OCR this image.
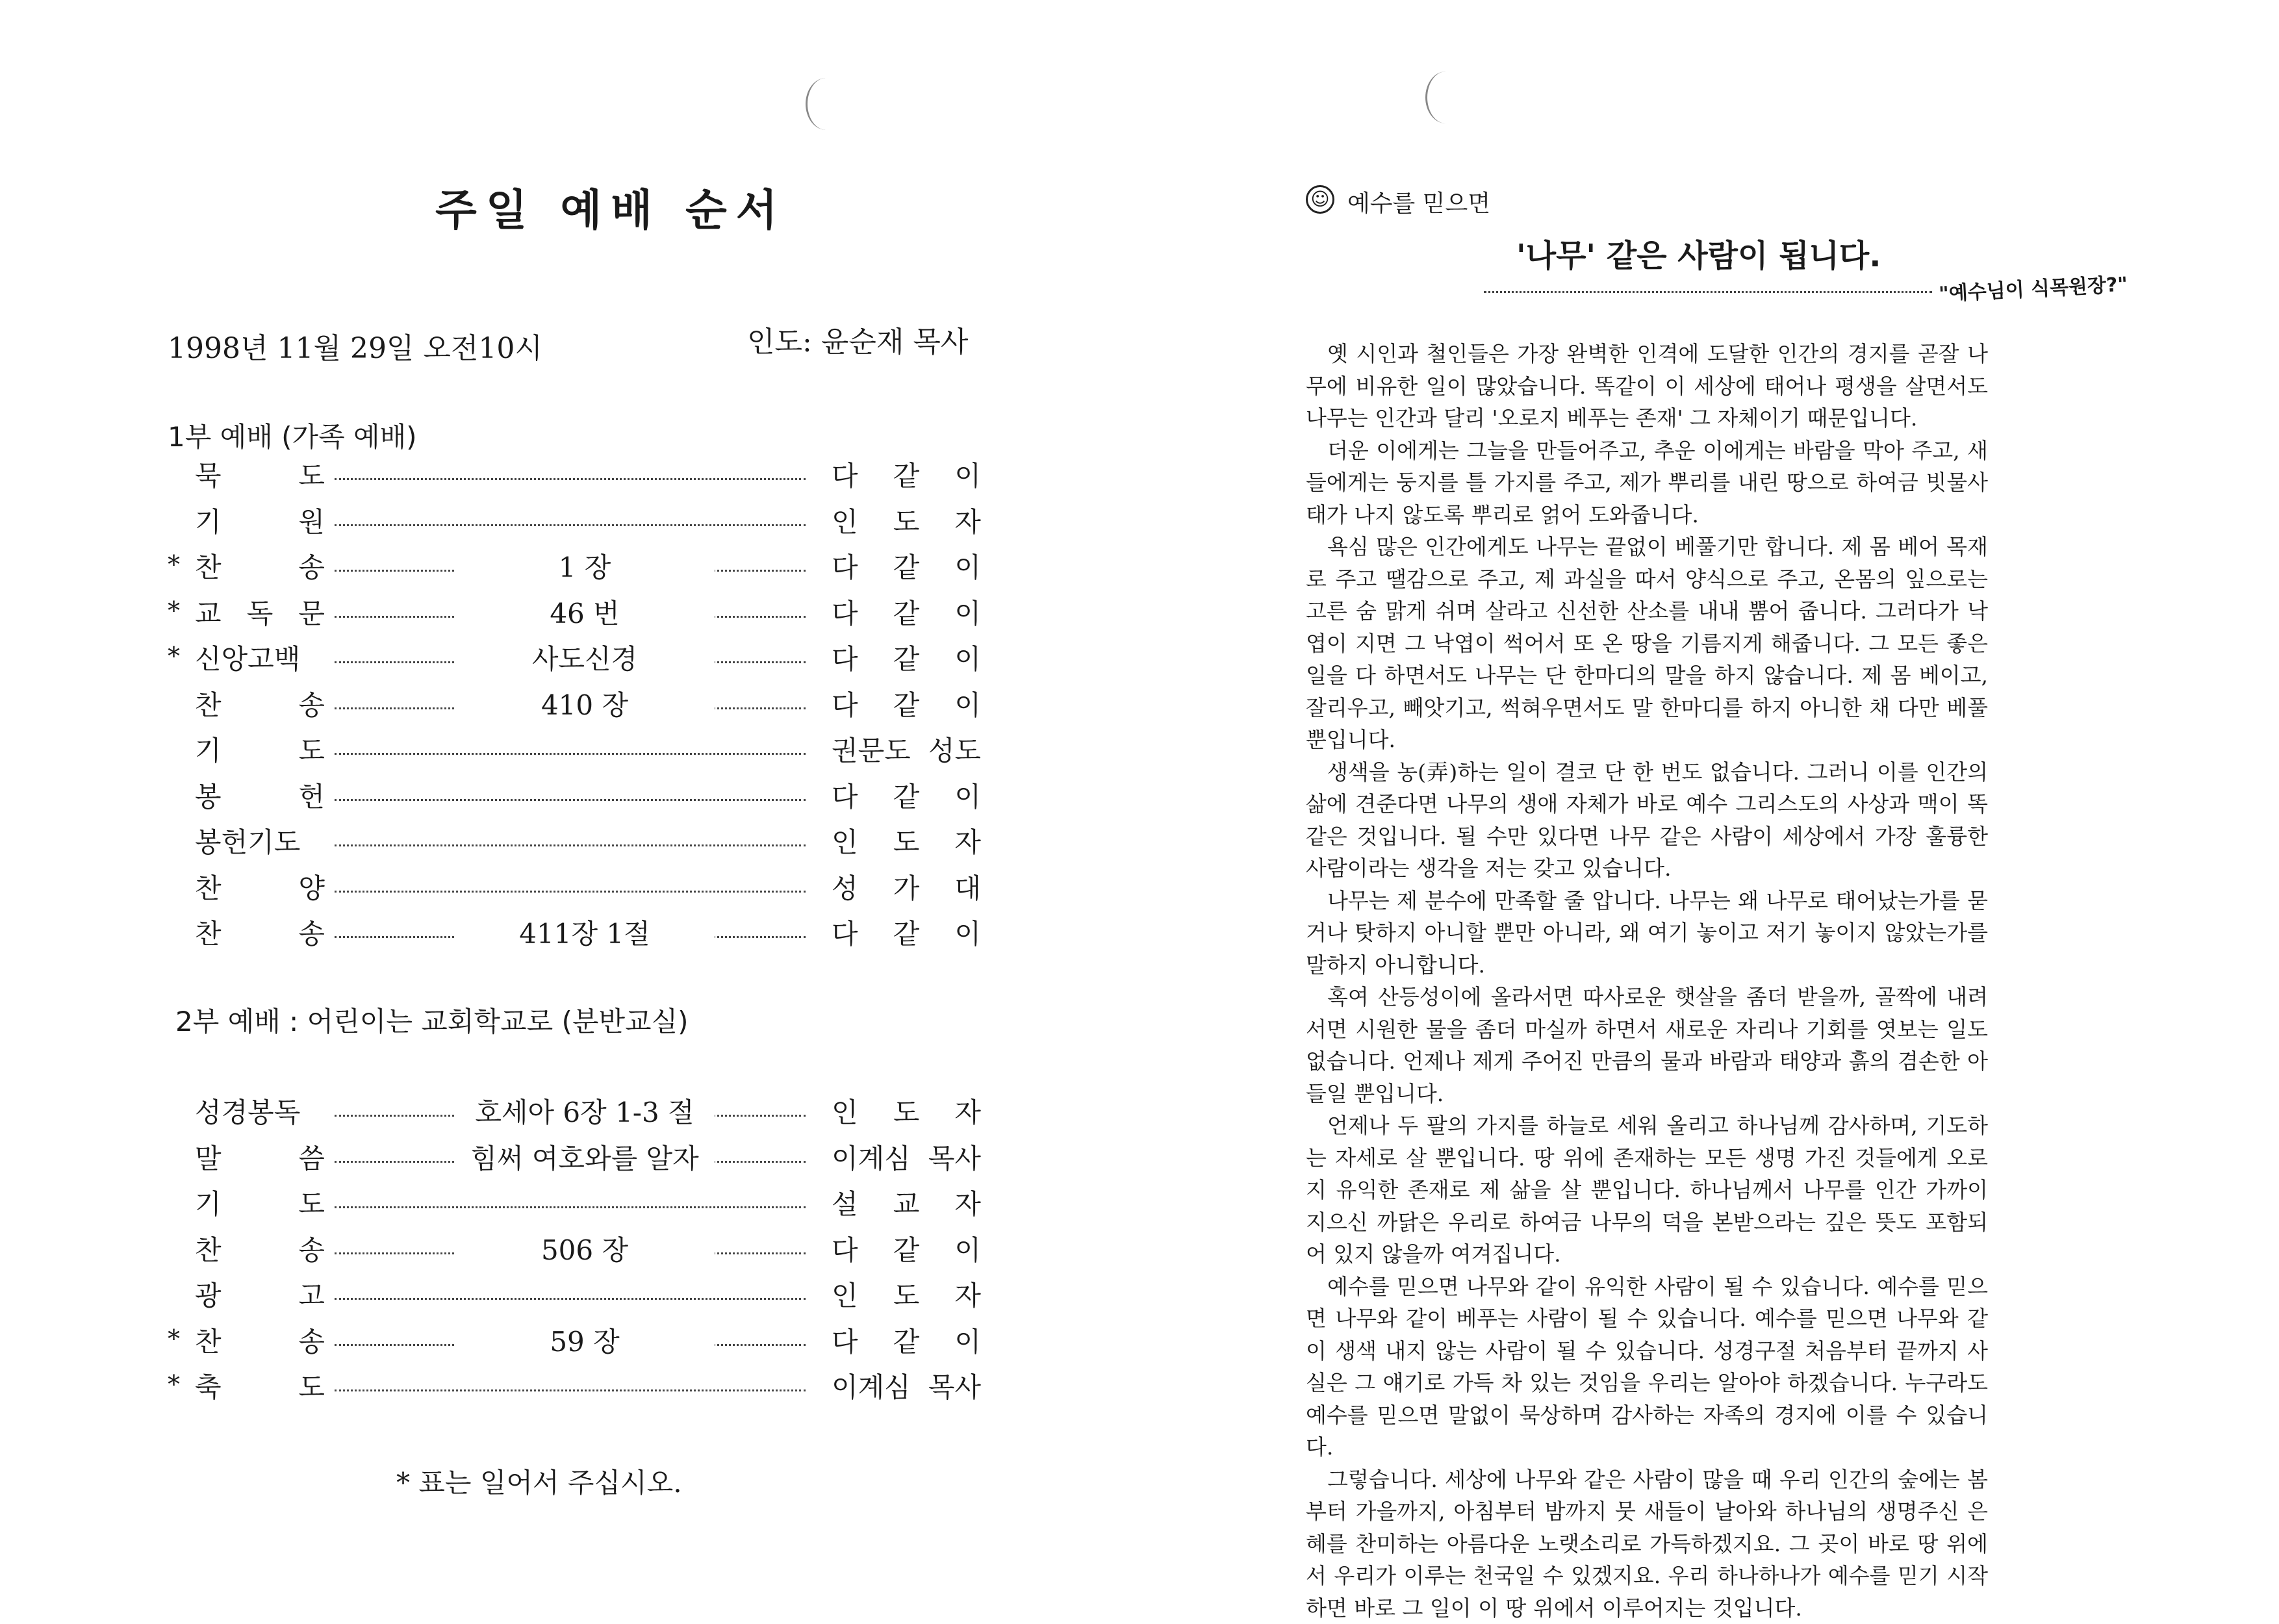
주일 예배 순서
1998년 11월 29일 오전10시	인도: 윤순재 목사
1부 예배 (가족 예배)
묵 도	다 같 이
기 원	인 도 자
* 찬 송	1 장	다 같 이
* 교 독 문	46 번	다 같 이
* 신앙고백	사도신경	다 같 이
찬 송	410 장	다 같 이
기 도	권문도 성도
봉 헌	다 같 이
봉헌기도	인 도 자
찬 양	성 가 대
찬 송	411장 1절	다 같 이
2부 예배 : 어린이는 교회학교로 (분반교실)
성경봉독	호세아 6장 1-3 절	인 도 자
말 씀	힘써 여호와를 알자	이계심 목사
기 도	설 교 자
찬 송	506 장	다 같 이
광 고	인 도 자
* 찬 송	59 장	다 같 이
* 축 도	이계심 목사
* 표는 일어서 주십시오.
☺ 예수를 믿으면
'나무' 같은 사람이 됩니다.
"예수님이 식목원장?"

옛 시인과 철인들은 가장 완벽한 인격에 도달한 인간의 경지를 곧잘 나무에 비유한 일이 많았습니다. 똑같이 이 세상에 태어나 평생을 살면서도 나무는 인간과 달리 '오로지 베푸는 존재' 그 자체이기 때문입니다.

더운 이에게는 그늘을 만들어주고, 추운 이에게는 바람을 막아 주고, 새들에게는 둥지를 틀 가지를 주고, 제가 뿌리를 내린 땅으로 하여금 빗물사태가 나지 않도록 뿌리로 얽어 도와줍니다.

욕심 많은 인간에게도 나무는 끝없이 베풀기만 합니다. 제 몸 베어 목재로 주고 땔감으로 주고, 제 과실을 따서 양식으로 주고, 온몸의 잎으로는 고른 숨 맑게 쉬며 살라고 신선한 산소를 내내 뿜어 줍니다. 그러다가 낙엽이 지면 그 낙엽이 썩어서 또 온 땅을 기름지게 해줍니다. 그 모든 좋은 일을 다 하면서도 나무는 단 한마디의 말을 하지 않습니다. 제 몸 베이고, 잘리우고, 빼앗기고, 썩혀우면서도 말 한마디를 하지 아니한 채 다만 베풀 뿐입니다.

생색을 농(弄)하는 일이 결코 단 한 번도 없습니다. 그러니 이를 인간의 삶에 견준다면 나무의 생애 자체가 바로 예수 그리스도의 사상과 맥이 똑같은 것입니다. 될 수만 있다면 나무 같은 사람이 세상에서 가장 훌륭한 사람이라는 생각을 저는 갖고 있습니다.

나무는 제 분수에 만족할 줄 압니다. 나무는 왜 나무로 태어났는가를 묻거나 탓하지 아니할 뿐만 아니라, 왜 여기 놓이고 저기 놓이지 않았는가를 말하지 아니합니다.

혹여 산등성이에 올라서면 따사로운 햇살을 좀더 받을까, 골짝에 내려서면 시원한 물을 좀더 마실까 하면서 새로운 자리나 기회를 엿보는 일도 없습니다. 언제나 제게 주어진 만큼의 물과 바람과 태양과 흙의 겸손한 아들일 뿐입니다.

언제나 두 팔의 가지를 하늘로 세워 올리고 하나님께 감사하며, 기도하는 자세로 살 뿐입니다. 땅 위에 존재하는 모든 생명 가진 것들에게 오로지 유익한 존재로 제 삶을 살 뿐입니다. 하나님께서 나무를 인간 가까이 지으신 까닭은 우리로 하여금 나무의 덕을 본받으라는 깊은 뜻도 포함되어 있지 않을까 여겨집니다.

예수를 믿으면 나무와 같이 유익한 사람이 될 수 있습니다. 예수를 믿으면 나무와 같이 베푸는 사람이 될 수 있습니다. 예수를 믿으면 나무와 같이 생색 내지 않는 사람이 될 수 있습니다. 성경구절 처음부터 끝까지 사실은 그 얘기로 가득 차 있는 것임을 우리는 알아야 하겠습니다. 누구라도 예수를 믿으면 말없이 묵상하며 감사하는 자족의 경지에 이를 수 있습니다.

그렇습니다. 세상에 나무와 같은 사람이 많을 때 우리 인간의 숲에는 봄부터 가을까지, 아침부터 밤까지 뭇 새들이 날아와 하나님의 생명주신 은혜를 찬미하는 아름다운 노랫소리로 가득하겠지요. 그 곳이 바로 땅 위에서 우리가 이루는 천국일 수 있겠지요. 우리 하나하나가 예수를 믿기 시작하면 바로 그 일이 이 땅 위에서 이루어지는 것입니다.
